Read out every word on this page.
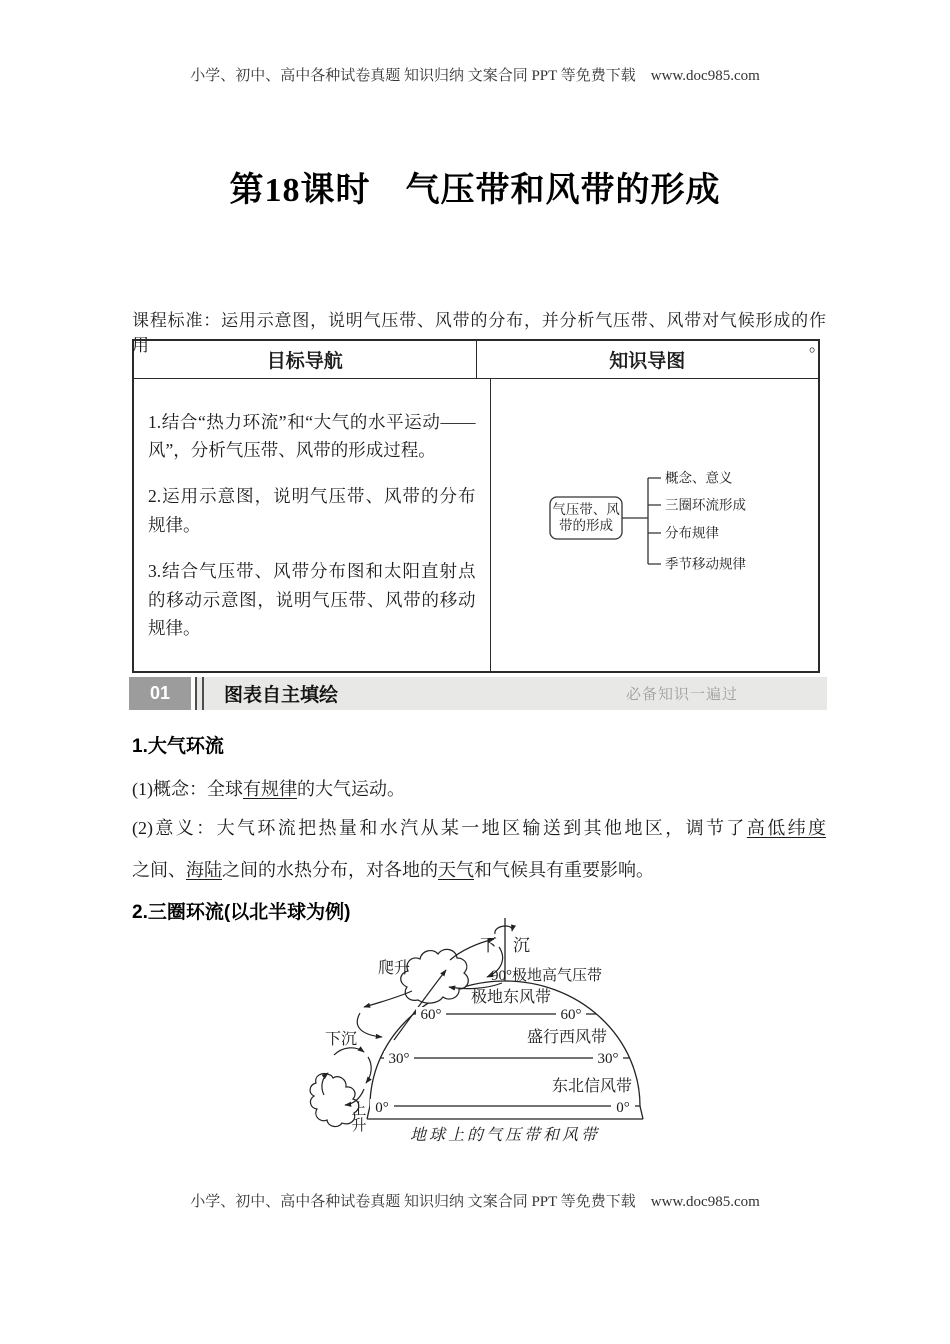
小学、初中、高中各种试卷真题 知识归纳 文案合同 PPT 等免费下载　www.doc985.com
第18课时　气压带和风带的形成
课程标准：运用示意图，说明气压带、风带的分布，并分析气压带、风带对气候形成的作用。
目标导航	知识导图

1.结合“热力环流”和“大气的水平运动——风”，分析气压带、风带的形成过程。

2.运用示意图，说明气压带、风带的分布规律。

3.结合气压带、风带分布图和太阳直射点的移动示意图，说明气压带、风带的移动规律。

气压带、风
带的形成
概念、意义
三圈环流形成
分布规律
季节移动规律
01	图表自主填绘	必备知识一遍过

1.大气环流

(1)概念：全球有规律的大气运动。

(2)意义：大气环流把热量和水汽从某一地区输送到其他地区，调节了高低纬度
之间、海陆之间的水热分布，对各地的天气和气候具有重要影响。

2.三圈环流(以北半球为例)

下 沉
爬升	90°极地高气压带
极地东风带
60°	60°
盛行西风带
30°	30°
东北信风带
0°	0°
下沉
上
升
地球上的气压带和风带
小学、初中、高中各种试卷真题 知识归纳 文案合同 PPT 等免费下载　www.doc985.com
